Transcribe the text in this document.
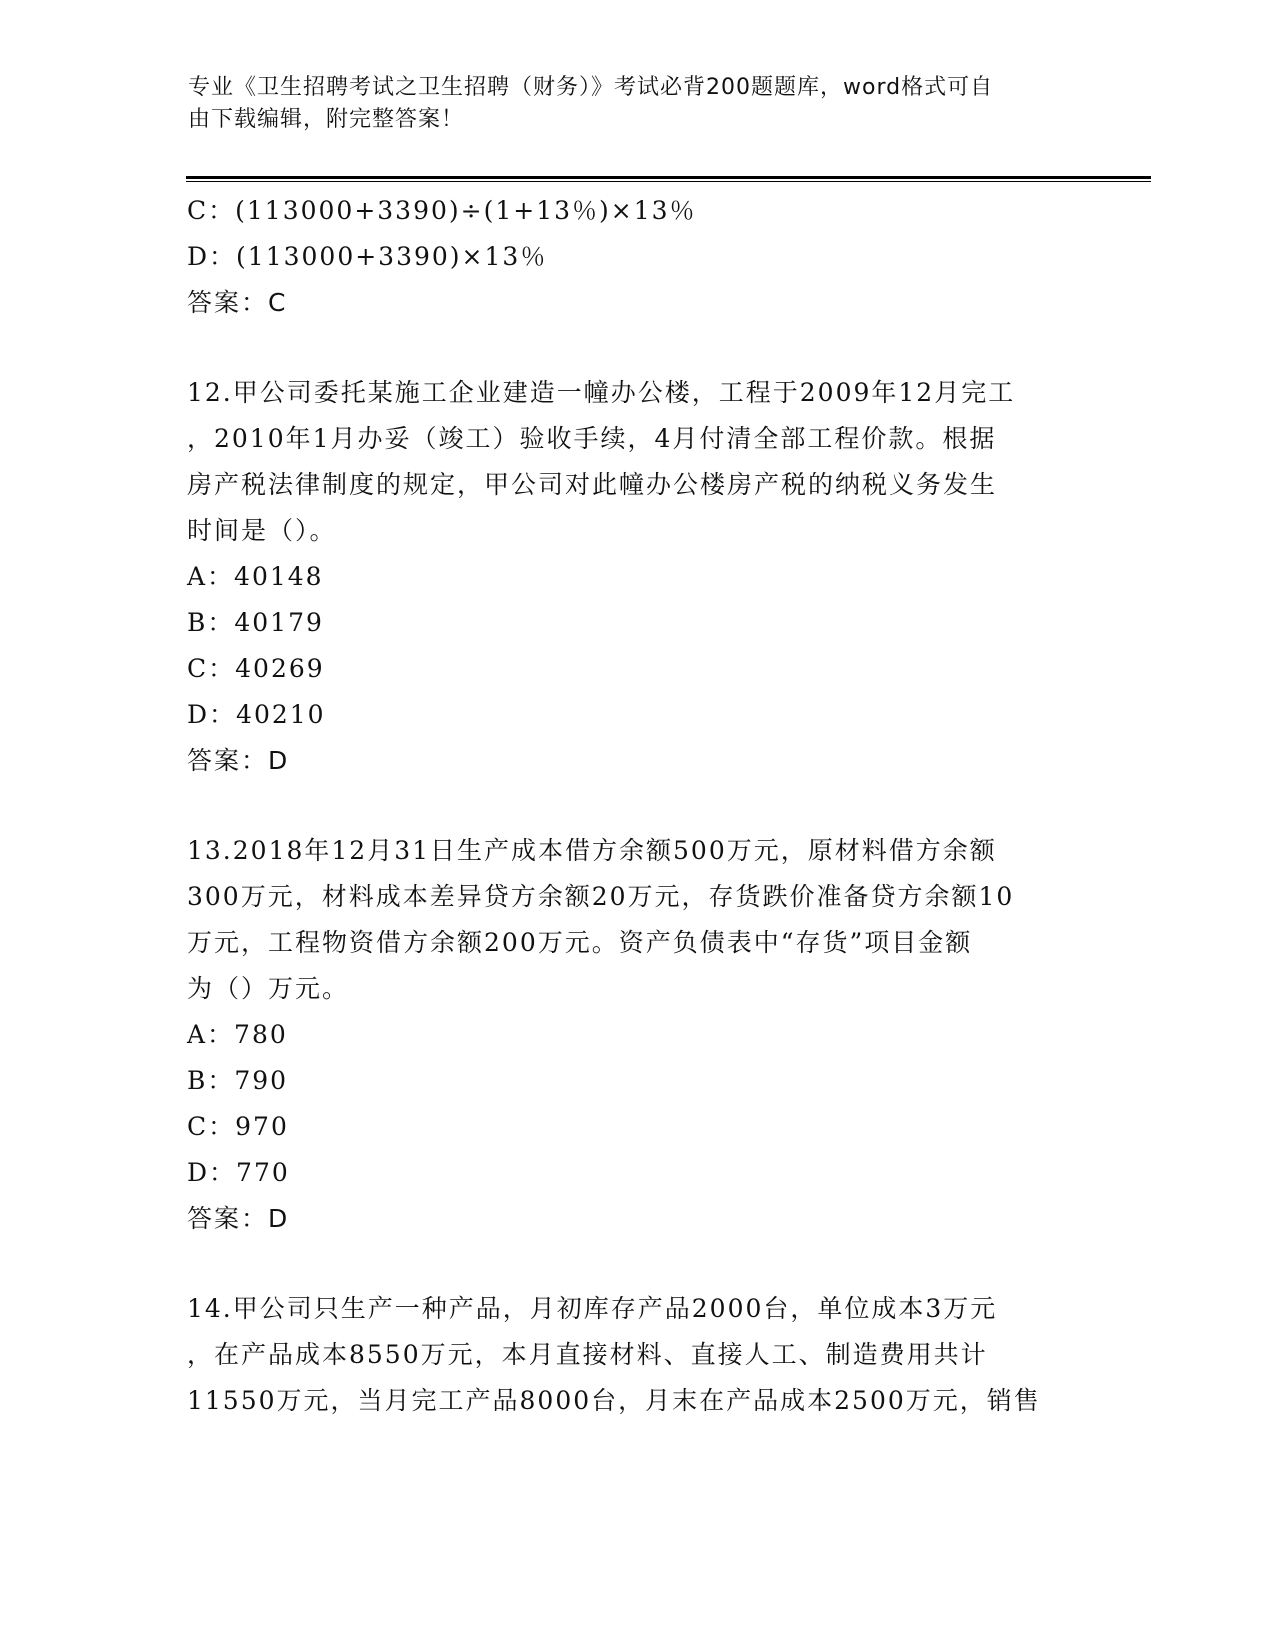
专业《卫生招聘考试之卫生招聘（财务）》考试必背200题题库，word格式可自
由下载编辑，附完整答案！
C：(113000+3390)÷(1+13％)×13％
D：(113000+3390)×13％
答案：C
12.甲公司委托某施工企业建造一幢办公楼，工程于2009年12月完工
，2010年1月办妥（竣工）验收手续，4月付清全部工程价款。根据
房产税法律制度的规定，甲公司对此幢办公楼房产税的纳税义务发生
时间是（）。
A：40148
B：40179
C：40269
D：40210
答案：D
13.2018年12月31日生产成本借方余额500万元，原材料借方余额
300万元，材料成本差异贷方余额20万元，存货跌价准备贷方余额10
万元，工程物资借方余额200万元。资产负债表中“存货”项目金额
为（）万元。
A：780
B：790
C：970
D：770
答案：D
14.甲公司只生产一种产品，月初库存产品2000台，单位成本3万元
，在产品成本8550万元，本月直接材料、直接人工、制造费用共计
11550万元，当月完工产品8000台，月末在产品成本2500万元，销售
